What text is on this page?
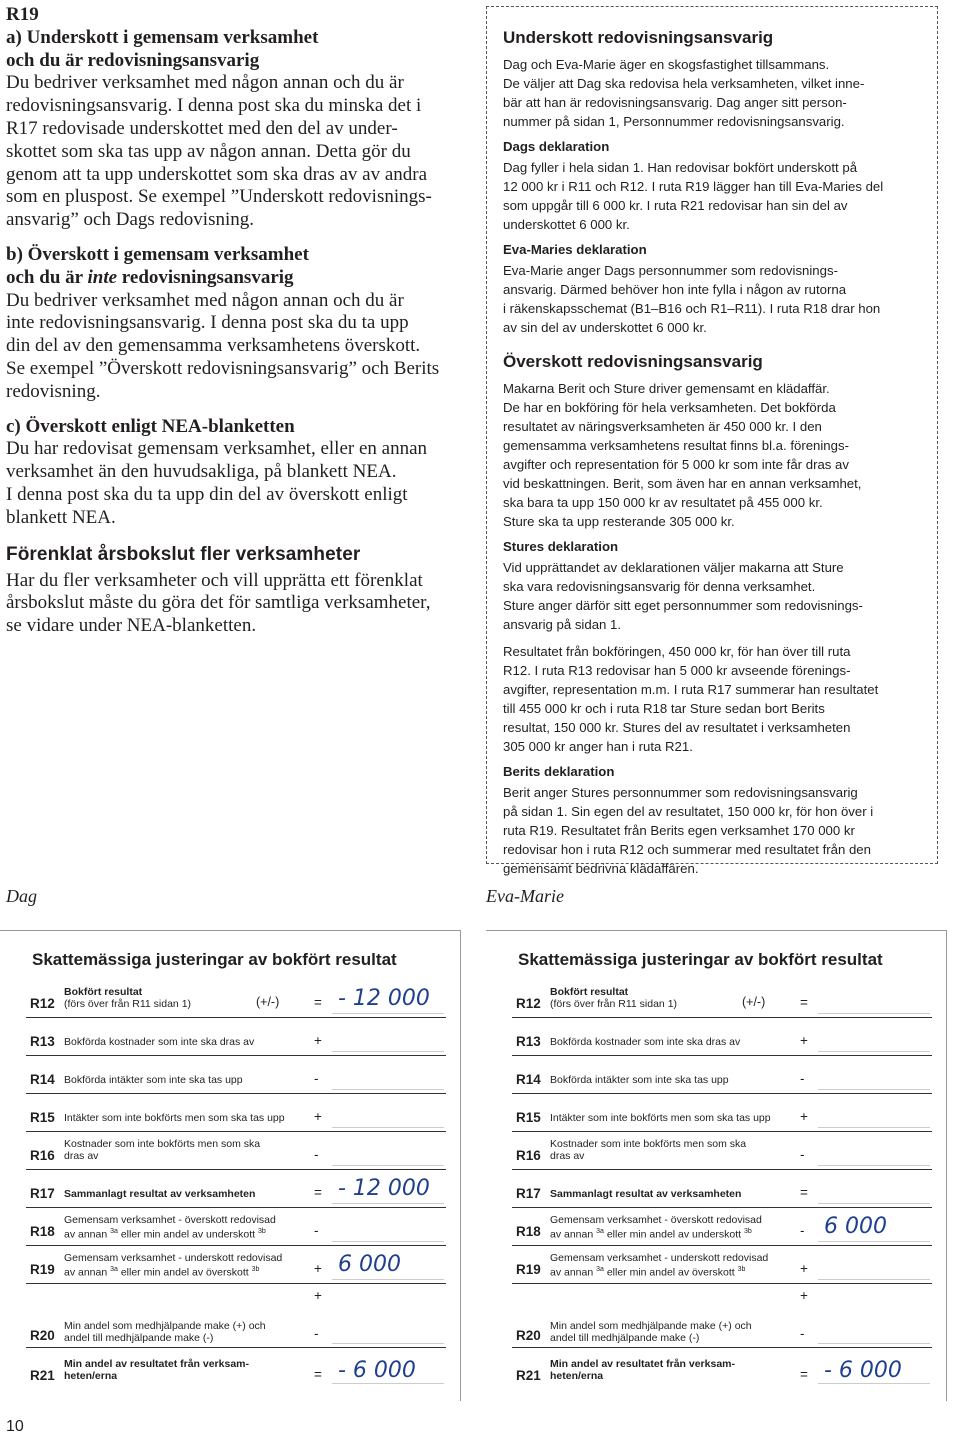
R19
a) Underskott i gemensam verksamhet
och du är redovisningsansvarig

Du bedriver verksamhet med någon annan och du är

redovisningsansvarig. I denna post ska du minska det i

R17 redovisade underskottet med den del av under-

skottet som ska tas upp av någon annan. Detta gör du

genom att ta upp underskottet som ska dras av av andra

som en pluspost. Se exempel ”Underskott redovisnings-

ansvarig” och Dags redovisning.

b) Överskott i gemensam verksamhet
och du är inte redovisningsansvarig

Du bedriver verksamhet med någon annan och du är

inte redovisningsansvarig. I denna post ska du ta upp

din del av den gemensamma verksamhetens överskott.

Se exempel ”Överskott redovisningsansvarig” och Berits

redovisning.

c) Överskott enligt NEA-blanketten

Du har redovisat gemensam verksamhet, eller en annan

verksamhet än den huvudsakliga, på blankett NEA.

I denna post ska du ta upp din del av överskott enligt

blankett NEA.

Förenklat årsbokslut fler verksamheter

Har du fler verksamheter och vill upprätta ett förenklat

årsbokslut måste du göra det för samtliga verksamheter,

se vidare under NEA-blanketten.

Underskott redovisningsansvarig

Dag och Eva-Marie äger en skogsfastighet tillsammans.

De väljer att Dag ska redovisa hela verksamheten, vilket inne-

bär att han är redovisningsansvarig. Dag anger sitt person-

nummer på sidan 1, Personnummer redovisningsansvarig.

Dags deklaration

Dag fyller i hela sidan 1. Han redovisar bokfört underskott på

12 000 kr i R11 och R12. I ruta R19 lägger han till Eva-Maries del

som uppgår till 6 000 kr. I ruta R21 redovisar han sin del av

underskottet 6 000 kr.

Eva-Maries deklaration

Eva-Marie anger Dags personnummer som redovisnings-

ansvarig. Därmed behöver hon inte fylla i någon av rutorna

i räkenskapsschemat (B1–B16 och R1–R11). I ruta R18 drar hon

av sin del av underskottet 6 000 kr.

Överskott redovisningsansvarig

Makarna Berit och Sture driver gemensamt en klädaffär.

De har en bokföring för hela verksamheten. Det bokförda

resultatet av näringsverksamheten är 450 000 kr. I den

gemensamma verksamhetens resultat finns bl.a. förenings-

avgifter och representation för 5 000 kr som inte får dras av

vid beskattningen. Berit, som även har en annan verksamhet,

ska bara ta upp 150 000 kr av resultatet på 455 000 kr.

Sture ska ta upp resterande 305 000 kr.

Stures deklaration

Vid upprättandet av deklarationen väljer makarna att Sture

ska vara redovisningsansvarig för denna verksamhet.

Sture anger därför sitt eget personnummer som redovisnings-

ansvarig på sidan 1.

Resultatet från bokföringen, 450 000 kr, för han över till ruta

R12. I ruta R13 redovisar han 5 000 kr avseende förenings-

avgifter, representation m.m. I ruta R17 summerar han resultatet

till 455 000 kr och i ruta R18 tar Sture sedan bort Berits

resultat, 150 000 kr. Stures del av resultatet i verksamheten

305 000 kr anger han i ruta R21.

Berits deklaration

Berit anger Stures personnummer som redovisningsansvarig

på sidan 1. Sin egen del av resultatet, 150 000 kr, för hon över i

ruta R19. Resultatet från Berits egen verksamhet 170 000 kr

redovisar hon i ruta R12 och summerar med resultatet från den

gemensamt bedrivna klädaffären.

Dag	Eva-Marie
Skattemässiga justeringar av bokfört resultat
R12
Bokfört resultat
(förs över från R11 sidan 1)	(+/-)	= - 12 000
R13 Bokförda kostnader som inte ska dras av	+
R14 Bokförda intäkter som inte ska tas upp	-
R15 Intäkter som inte bokförts men som ska tas upp +
R16
Kostnader som inte bokförts men som ska
dras av	-
R17 Sammanlagt resultat av verksamheten	= - 12 000
R18
Gemensam verksamhet - överskott redovisad
av annan $^{3a}$ eller min andel av underskott $^{3b}$	-
R19
Gemensam verksamhet - underskott redovisad
av annan $^{3a}$ eller min andel av överskott $^{3b}$	+ 6 000
+
R20
Min andel som medhjälpande make (+) och
andel till medhjälpande make (-)	-
R21
Min andel av resultatet från verksam-
heten/erna	= - 6 000
Skattemässiga justeringar av bokfört resultat
R12
Bokfört resultat
(förs över från R11 sidan 1)	(+/-)	=
R13 Bokförda kostnader som inte ska dras av	+
R14 Bokförda intäkter som inte ska tas upp	-
R15 Intäkter som inte bokförts men som ska tas upp +
R16
Kostnader som inte bokförts men som ska
dras av	-
R17 Sammanlagt resultat av verksamheten	=
R18
Gemensam verksamhet - överskott redovisad
av annan $^{3a}$ eller min andel av underskott $^{3b}$	- 6 000
R19
Gemensam verksamhet - underskott redovisad
av annan $^{3a}$ eller min andel av överskott $^{3b}$	+
+
R20
Min andel som medhjälpande make (+) och
andel till medhjälpande make (-)	-
R21
Min andel av resultatet från verksam-
heten/erna	= - 6 000
10
